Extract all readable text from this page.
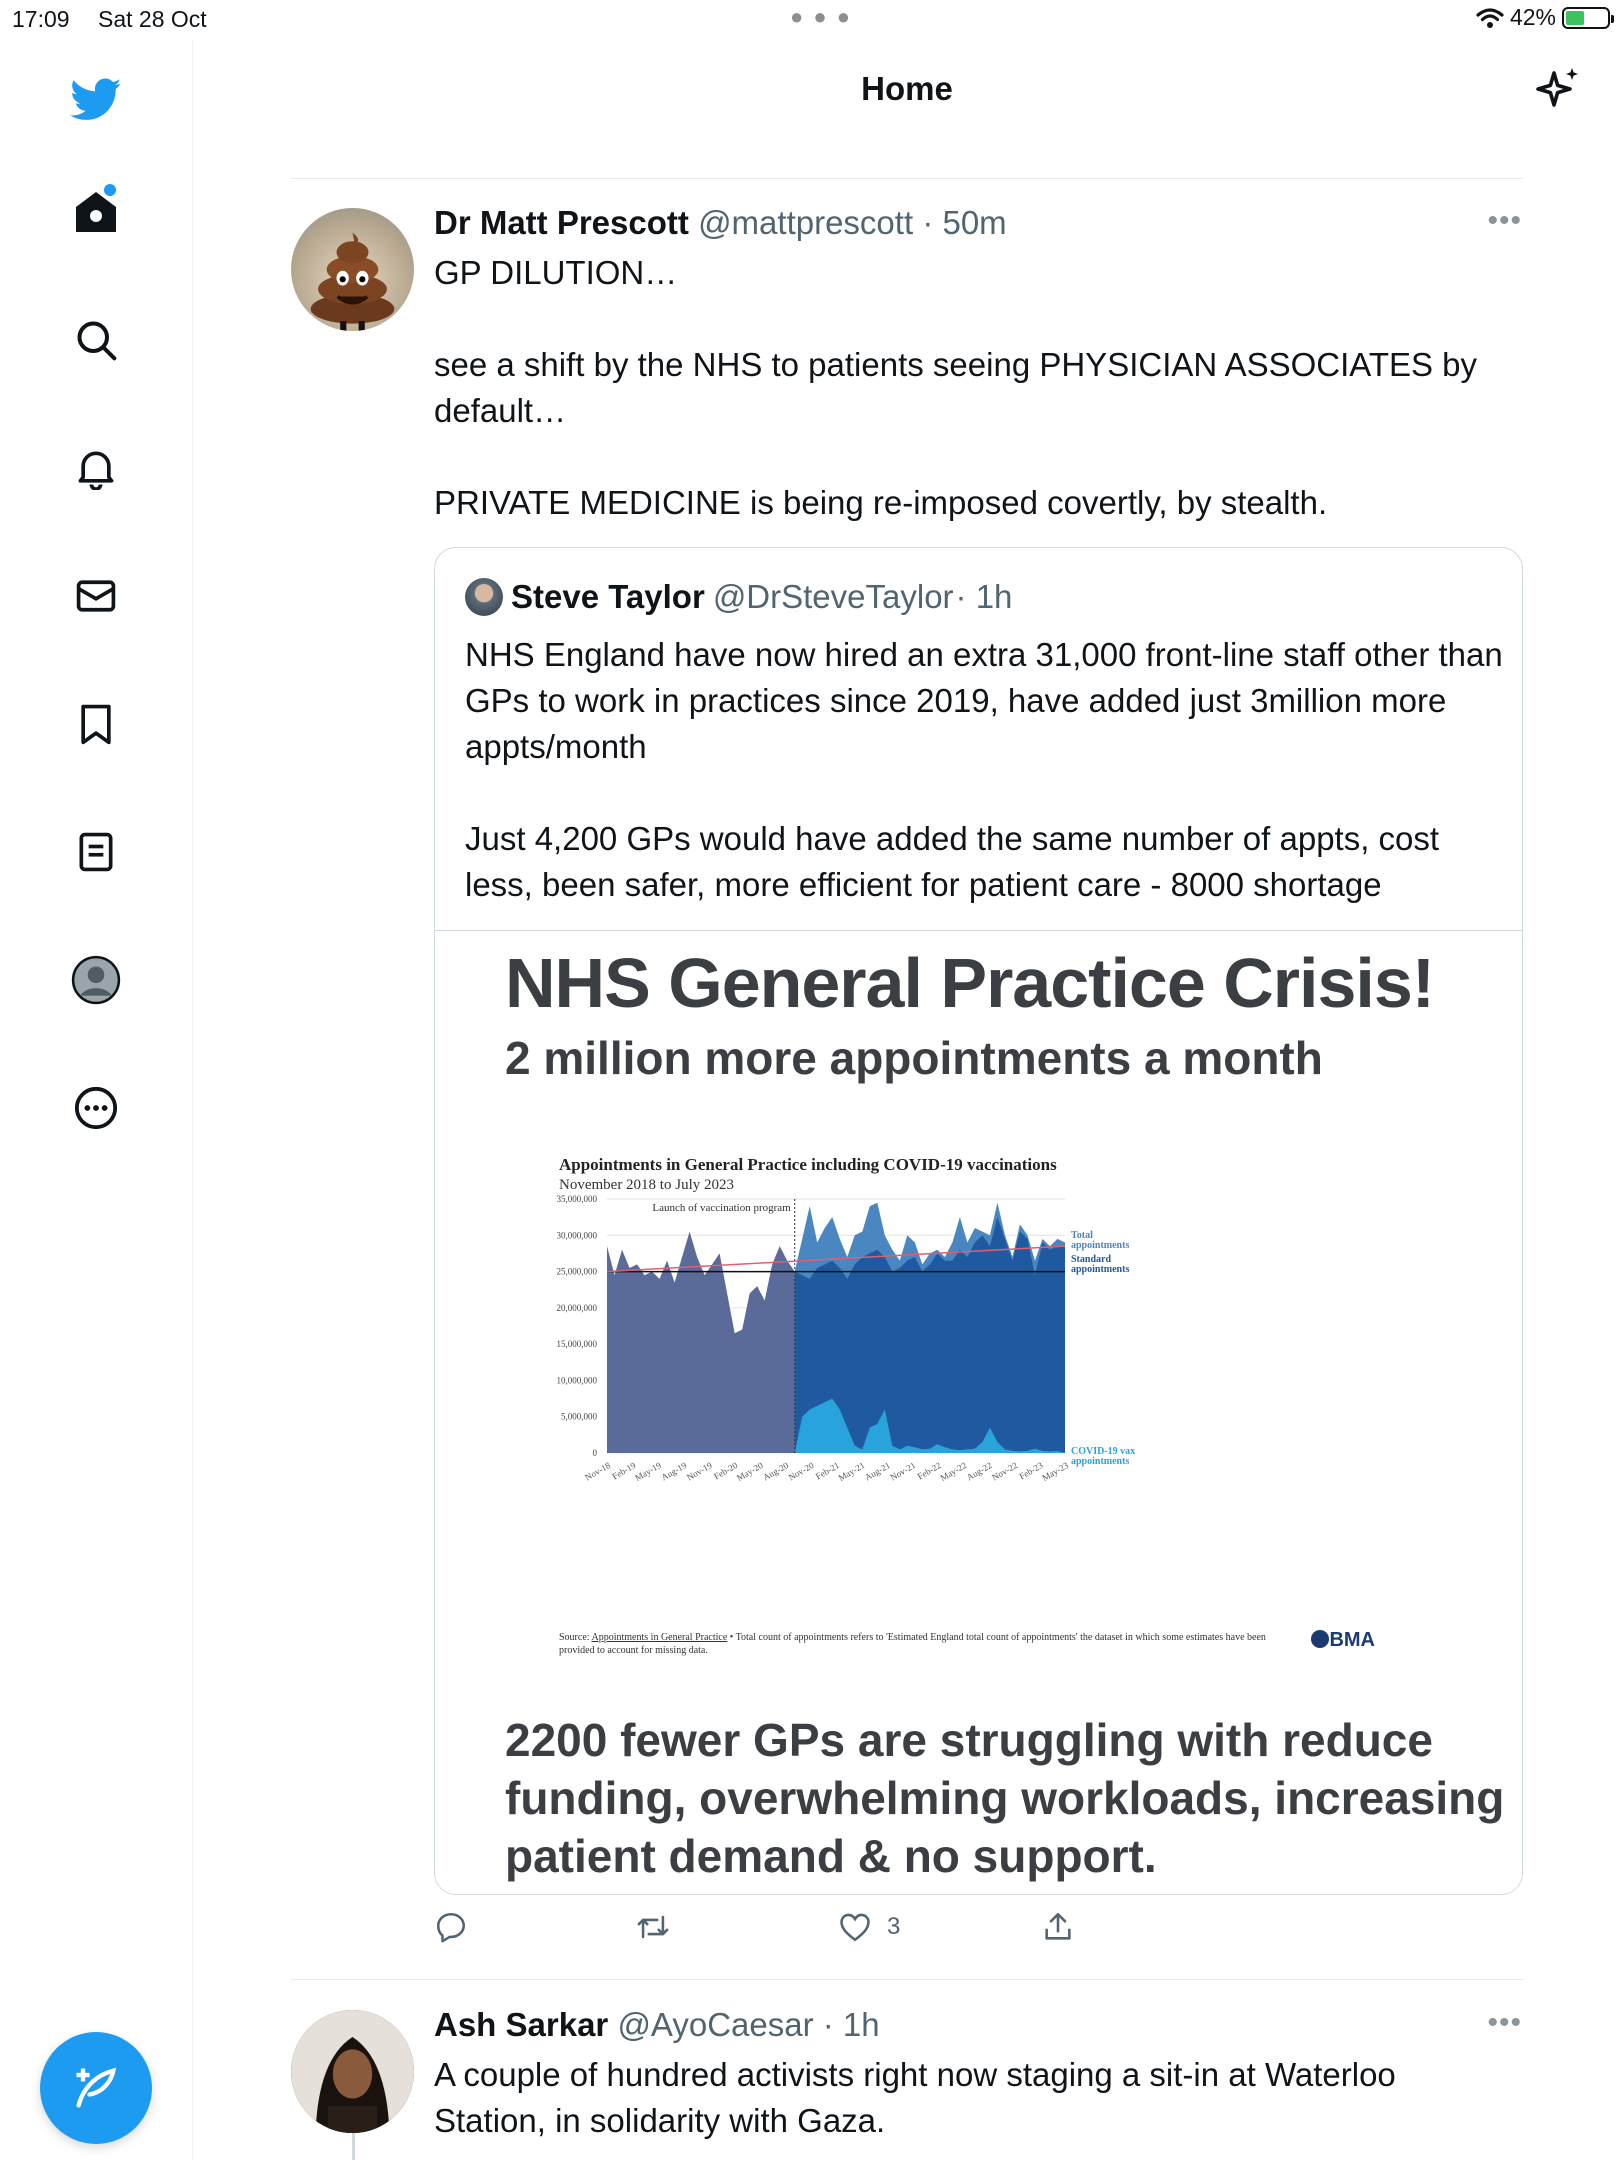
17:09 Sat 28 Oct	● ● ●	42%
Home
Dr Matt Prescott @mattprescott · 50m	•••

GP DILUTION…

see a shift by the NHS to patients seeing PHYSICIAN ASSOCIATES by default…

PRIVATE MEDICINE is being re-imposed covertly, by stealth.

Steve Taylor @DrSteveTaylor · 1h

NHS England have now hired an extra 31,000 front-line staff other than GPs to work in practices since 2019, have added just 3million more appts/month

Just 4,200 GPs would have added the same number of appts, cost less, been safer, more efficient for patient care - 8000 shortage

NHS General Practice Crisis!
2 million more appointments a month
Appointments in General Practice including COVID-19 vaccinations
November 2018 to July 2023
35,000,000
30,000,000
25,000,000
20,000,000
15,000,000
10,000,000
5,000,000
0
Launch of vaccination program
Nov-18
Feb-19
May-19
Aug-19
Nov-19
Feb-20
May-20
Aug-20
Nov-20
Feb-21
May-21
Aug-21
Nov-21
Feb-22
May-22
Aug-22
Nov-22
Feb-23
May-23
Total
appointments
Standard
appointments
COVID-19 vax
appointments
Source: Appointments in General Practice • Total count of appointments refers to 'Estimated England total count of appointments' the dataset in which some estimates have been provided to account for missing data.	BMA
2200 fewer GPs are struggling with reduce funding, overwhelming workloads, increasing patient demand & no support.
3
Ash Sarkar @AyoCaesar · 1h	•••
A couple of hundred activists right now staging a sit-in at Waterloo Station, in solidarity with Gaza.
